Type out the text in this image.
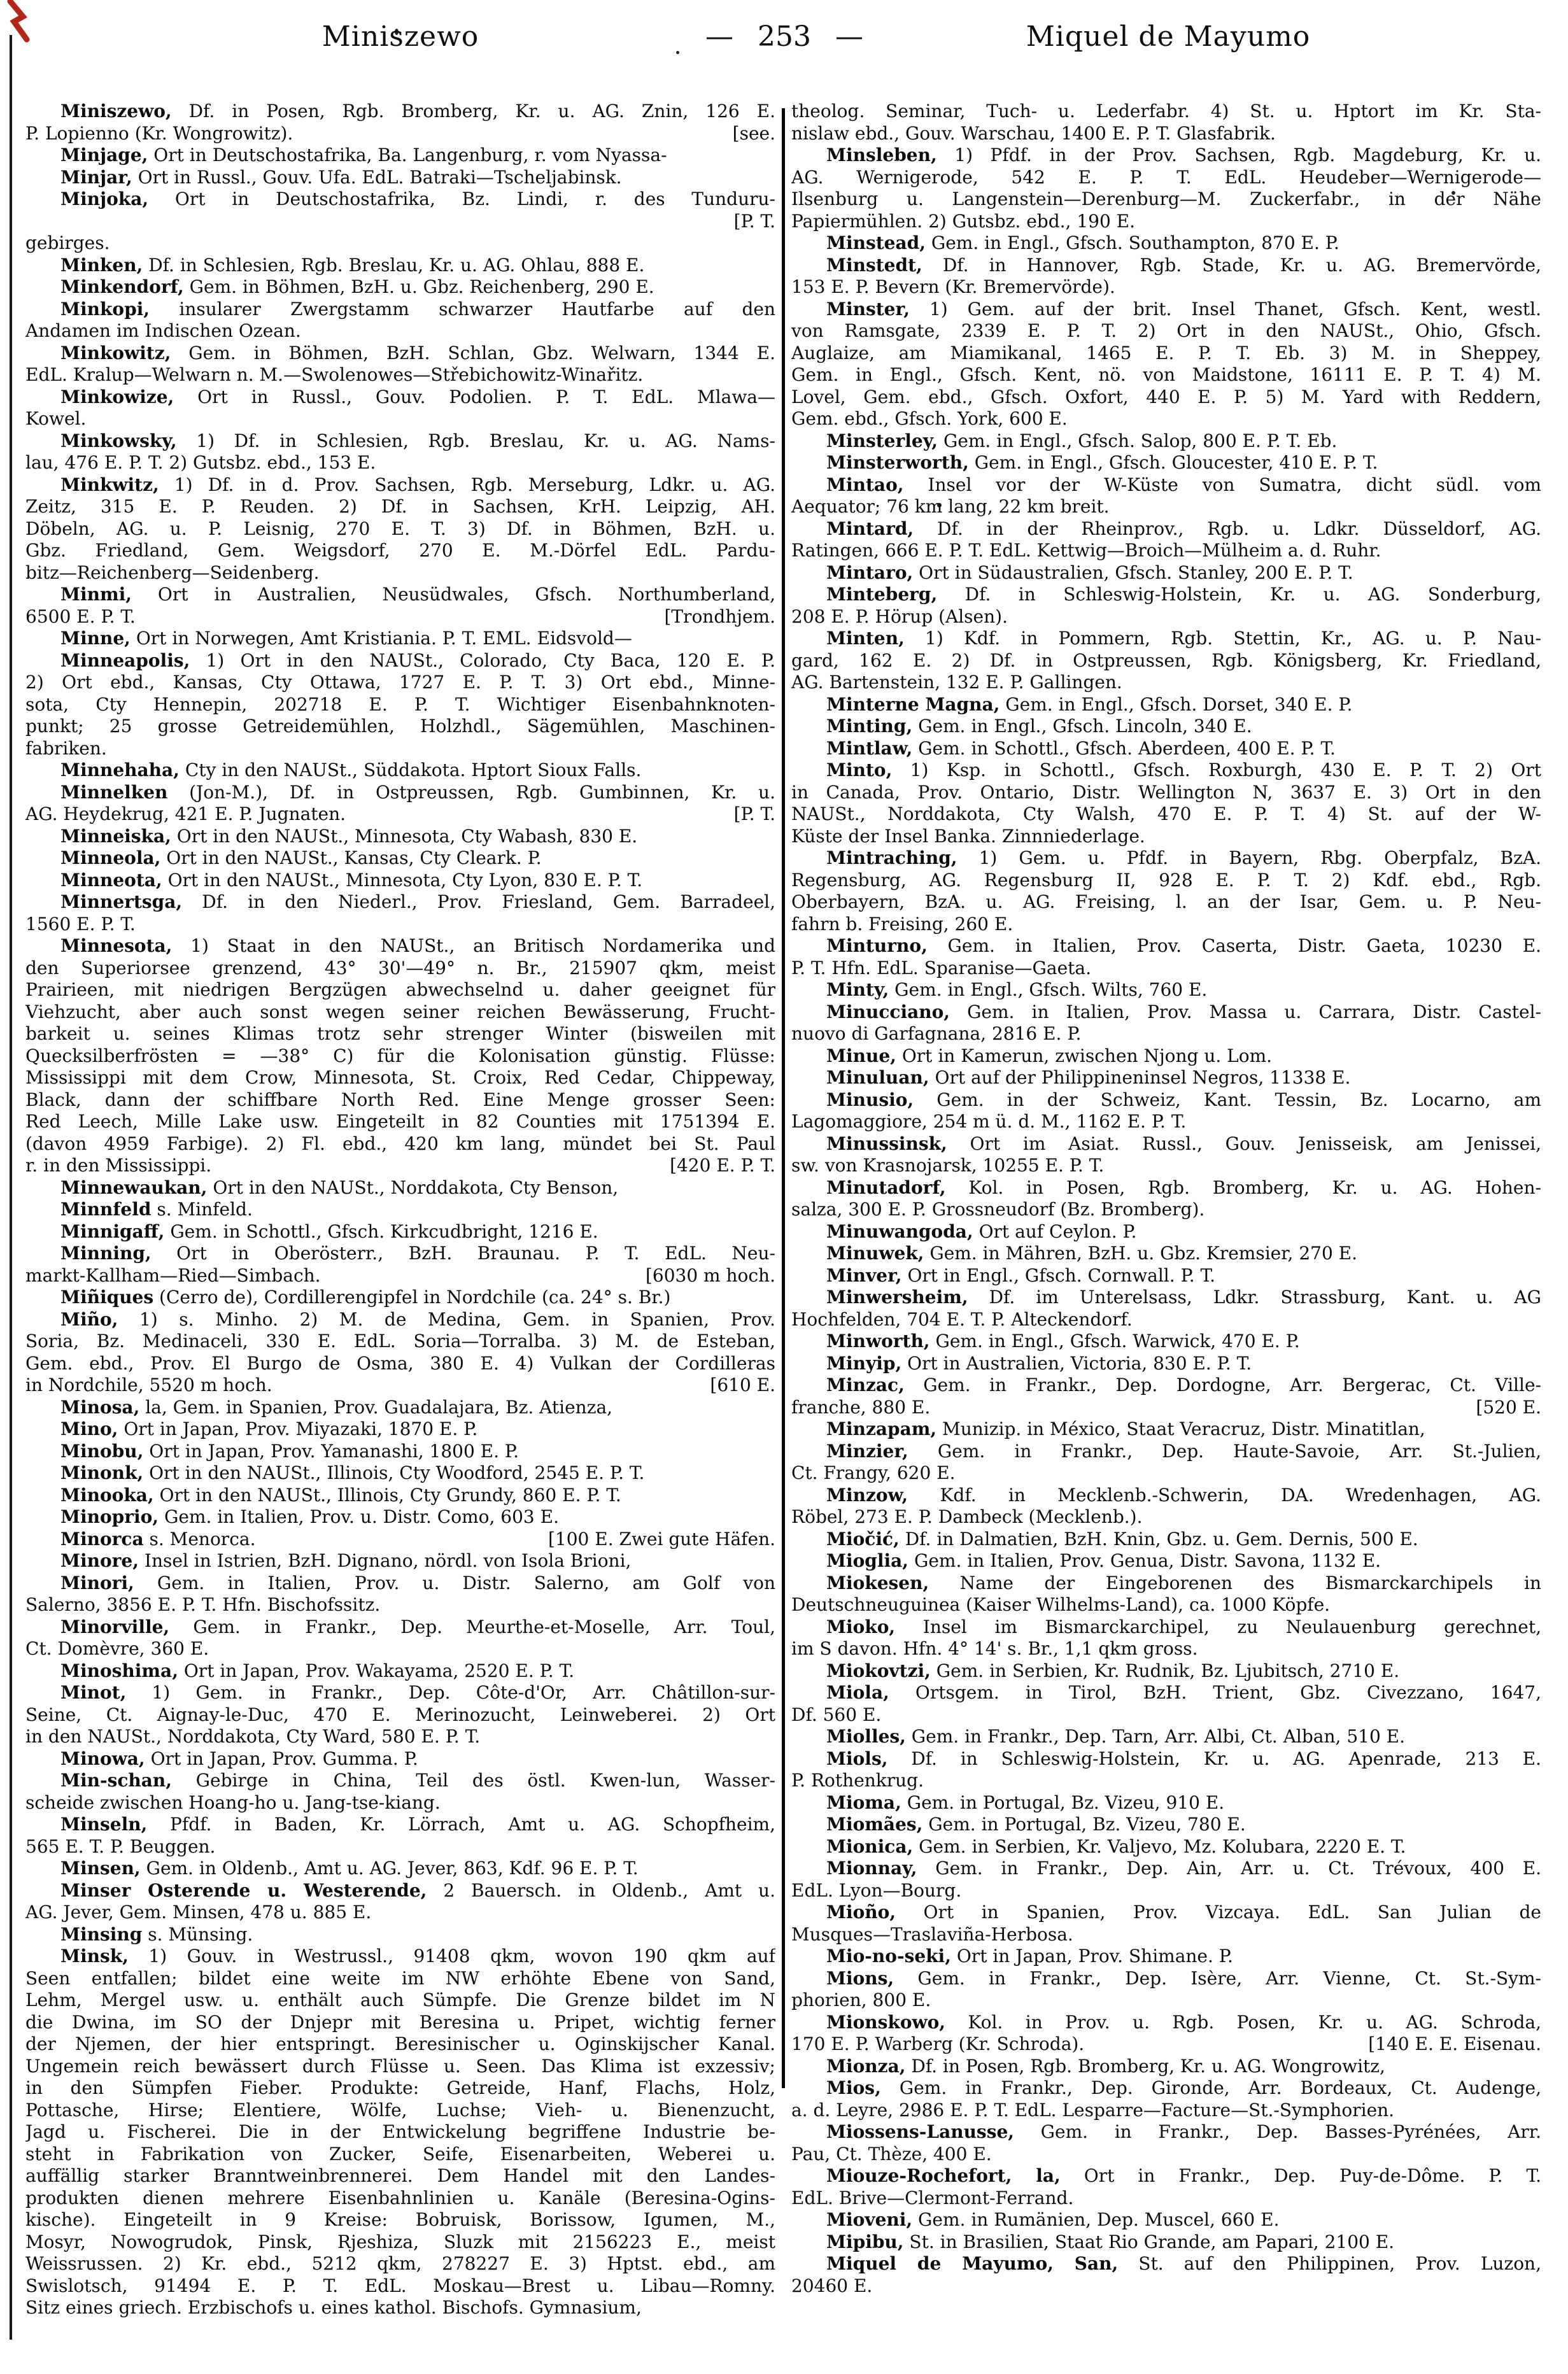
Miniszewo	— 253 —	Miquel de Mayumo
Miniszewo, Df. in Posen, Rgb. Bromberg, Kr. u. AG. Znin, 126 E.
[see.
P. Lopienno (Kr. Wongrowitz).
Minjage, Ort in Deutschostafrika, Ba. Langenburg, r. vom Nyassa-
Minjar, Ort in Russl., Gouv. Ufa. EdL. Batraki—Tscheljabinsk.
Minjoka, Ort in Deutschostafrika, Bz. Lindi, r. des Tunduru-
[P. T.
gebirges.
Minken, Df. in Schlesien, Rgb. Breslau, Kr. u. AG. Ohlau, 888 E.
Minkendorf, Gem. in Böhmen, BzH. u. Gbz. Reichenberg, 290 E.
Minkopi, insularer Zwergstamm schwarzer Hautfarbe auf den
Andamen im Indischen Ozean.
Minkowitz, Gem. in Böhmen, BzH. Schlan, Gbz. Welwarn, 1344 E.
EdL. Kralup—Welwarn n. M.—Swolenowes—Střebichowitz-Winařitz.
Minkowize, Ort in Russl., Gouv. Podolien. P. T. EdL. Mlawa—
Kowel.
Minkowsky, 1) Df. in Schlesien, Rgb. Breslau, Kr. u. AG. Nams-
lau, 476 E. P. T. 2) Gutsbz. ebd., 153 E.
Minkwitz, 1) Df. in d. Prov. Sachsen, Rgb. Merseburg, Ldkr. u. AG.
Zeitz, 315 E. P. Reuden. 2) Df. in Sachsen, KrH. Leipzig, AH.
Döbeln, AG. u. P. Leisnig, 270 E. T. 3) Df. in Böhmen, BzH. u.
Gbz. Friedland, Gem. Weigsdorf, 270 E. M.-Dörfel EdL. Pardu-
bitz—Reichenberg—Seidenberg.
Minmi, Ort in Australien, Neusüdwales, Gfsch. Northumberland,
[Trondhjem.
6500 E. P. T.
Minne, Ort in Norwegen, Amt Kristiania. P. T. EML. Eidsvold—
Minneapolis, 1) Ort in den NAUSt., Colorado, Cty Baca, 120 E. P.
2) Ort ebd., Kansas, Cty Ottawa, 1727 E. P. T. 3) Ort ebd., Minne-
sota, Cty Hennepin, 202718 E. P. T. Wichtiger Eisenbahnknoten-
punkt; 25 grosse Getreidemühlen, Holzhdl., Sägemühlen, Maschinen-
fabriken.
Minnehaha, Cty in den NAUSt., Süddakota. Hptort Sioux Falls.
Minnelken (Jon-M.), Df. in Ostpreussen, Rgb. Gumbinnen, Kr. u.
[P. T.
AG. Heydekrug, 421 E. P. Jugnaten.
Minneiska, Ort in den NAUSt., Minnesota, Cty Wabash, 830 E.
Minneola, Ort in den NAUSt., Kansas, Cty Cleark. P.
Minneota, Ort in den NAUSt., Minnesota, Cty Lyon, 830 E. P. T.
Minnertsga, Df. in den Niederl., Prov. Friesland, Gem. Barradeel,
1560 E. P. T.
Minnesota, 1) Staat in den NAUSt., an Britisch Nordamerika und
den Superiorsee grenzend, 43° 30'—49° n. Br., 215907 qkm, meist
Prairieen, mit niedrigen Bergzügen abwechselnd u. daher geeignet für
Viehzucht, aber auch sonst wegen seiner reichen Bewässerung, Frucht-
barkeit u. seines Klimas trotz sehr strenger Winter (bisweilen mit
Quecksilberfrösten = —38° C) für die Kolonisation günstig. Flüsse:
Mississippi mit dem Crow, Minnesota, St. Croix, Red Cedar, Chippeway,
Black, dann der schiffbare North Red. Eine Menge grosser Seen:
Red Leech, Mille Lake usw. Eingeteilt in 82 Counties mit 1751394 E.
(davon 4959 Farbige). 2) Fl. ebd., 420 km lang, mündet bei St. Paul
[420 E. P. T.
r. in den Mississippi.
Minnewaukan, Ort in den NAUSt., Norddakota, Cty Benson,
Minnfeld s. Minfeld.
Minnigaff, Gem. in Schottl., Gfsch. Kirkcudbright, 1216 E.
Minning, Ort in Oberösterr., BzH. Braunau. P. T. EdL. Neu-
[6030 m hoch.
markt-Kallham—Ried—Simbach.
Miñiques (Cerro de), Cordillerengipfel in Nordchile (ca. 24° s. Br.)
Miño, 1) s. Minho. 2) M. de Medina, Gem. in Spanien, Prov.
Soria, Bz. Medinaceli, 330 E. EdL. Soria—Torralba. 3) M. de Esteban,
Gem. ebd., Prov. El Burgo de Osma, 380 E. 4) Vulkan der Cordilleras
[610 E.
in Nordchile, 5520 m hoch.
Minosa, la, Gem. in Spanien, Prov. Guadalajara, Bz. Atienza,
Mino, Ort in Japan, Prov. Miyazaki, 1870 E. P.
Minobu, Ort in Japan, Prov. Yamanashi, 1800 E. P.
Minonk, Ort in den NAUSt., Illinois, Cty Woodford, 2545 E. P. T.
Minooka, Ort in den NAUSt., Illinois, Cty Grundy, 860 E. P. T.
Minoprio, Gem. in Italien, Prov. u. Distr. Como, 603 E.
[100 E. Zwei gute Häfen.
Minorca s. Menorca.
Minore, Insel in Istrien, BzH. Dignano, nördl. von Isola Brioni,
Minori, Gem. in Italien, Prov. u. Distr. Salerno, am Golf von
Salerno, 3856 E. P. T. Hfn. Bischofssitz.
Minorville, Gem. in Frankr., Dep. Meurthe-et-Moselle, Arr. Toul,
Ct. Domèvre, 360 E.
Minoshima, Ort in Japan, Prov. Wakayama, 2520 E. P. T.
Minot, 1) Gem. in Frankr., Dep. Côte-d'Or, Arr. Châtillon-sur-
Seine, Ct. Aignay-le-Duc, 470 E. Merinozucht, Leinweberei. 2) Ort
in den NAUSt., Norddakota, Cty Ward, 580 E. P. T.
Minowa, Ort in Japan, Prov. Gumma. P.
Min-schan, Gebirge in China, Teil des östl. Kwen-lun, Wasser-
scheide zwischen Hoang-ho u. Jang-tse-kiang.
Minseln, Pfdf. in Baden, Kr. Lörrach, Amt u. AG. Schopfheim,
565 E. T. P. Beuggen.
Minsen, Gem. in Oldenb., Amt u. AG. Jever, 863, Kdf. 96 E. P. T.
Minser Osterende u. Westerende, 2 Bauersch. in Oldenb., Amt u.
AG. Jever, Gem. Minsen, 478 u. 885 E.
Minsing s. Münsing.
Minsk, 1) Gouv. in Westrussl., 91408 qkm, wovon 190 qkm auf
Seen entfallen; bildet eine weite im NW erhöhte Ebene von Sand,
Lehm, Mergel usw. u. enthält auch Sümpfe. Die Grenze bildet im N
die Dwina, im SO der Dnjepr mit Beresina u. Pripet, wichtig ferner
der Njemen, der hier entspringt. Beresinischer u. Oginskijscher Kanal.
Ungemein reich bewässert durch Flüsse u. Seen. Das Klima ist exzessiv;
in den Sümpfen Fieber. Produkte: Getreide, Hanf, Flachs, Holz,
Pottasche, Hirse; Elentiere, Wölfe, Luchse; Vieh- u. Bienenzucht,
Jagd u. Fischerei. Die in der Entwickelung begriffene Industrie be-
steht in Fabrikation von Zucker, Seife, Eisenarbeiten, Weberei u.
auffällig starker Branntweinbrennerei. Dem Handel mit den Landes-
produkten dienen mehrere Eisenbahnlinien u. Kanäle (Beresina-Ogins-
kische). Eingeteilt in 9 Kreise: Bobruisk, Borissow, Igumen, M.,
Mosyr, Nowogrudok, Pinsk, Rjeshiza, Sluzk mit 2156223 E., meist
Weissrussen. 2) Kr. ebd., 5212 qkm, 278227 E. 3) Hptst. ebd., am
Swislotsch, 91494 E. P. T. EdL. Moskau—Brest u. Libau—Romny.
Sitz eines griech. Erzbischofs u. eines kathol. Bischofs. Gymnasium,
theolog. Seminar, Tuch- u. Lederfabr. 4) St. u. Hptort im Kr. Sta-
nislaw ebd., Gouv. Warschau, 1400 E. P. T. Glasfabrik.
Minsleben, 1) Pfdf. in der Prov. Sachsen, Rgb. Magdeburg, Kr. u.
AG. Wernigerode, 542 E. P. T. EdL. Heudeber—Wernigerode—
Ilsenburg u. Langenstein—Derenburg—M. Zuckerfabr., in der Nähe
Papiermühlen. 2) Gutsbz. ebd., 190 E.
Minstead, Gem. in Engl., Gfsch. Southampton, 870 E. P.
Minstedt, Df. in Hannover, Rgb. Stade, Kr. u. AG. Bremervörde,
153 E. P. Bevern (Kr. Bremervörde).
Minster, 1) Gem. auf der brit. Insel Thanet, Gfsch. Kent, westl.
von Ramsgate, 2339 E. P. T. 2) Ort in den NAUSt., Ohio, Gfsch.
Auglaize, am Miamikanal, 1465 E. P. T. Eb. 3) M. in Sheppey,
Gem. in Engl., Gfsch. Kent, nö. von Maidstone, 16111 E. P. T. 4) M.
Lovel, Gem. ebd., Gfsch. Oxfort, 440 E. P. 5) M. Yard with Reddern,
Gem. ebd., Gfsch. York, 600 E.
Minsterley, Gem. in Engl., Gfsch. Salop, 800 E. P. T. Eb.
Minsterworth, Gem. in Engl., Gfsch. Gloucester, 410 E. P. T.
Mintao, Insel vor der W-Küste von Sumatra, dicht südl. vom
Aequator; 76 km lang, 22 km breit.
Mintard, Df. in der Rheinprov., Rgb. u. Ldkr. Düsseldorf, AG.
Ratingen, 666 E. P. T. EdL. Kettwig—Broich—Mülheim a. d. Ruhr.
Mintaro, Ort in Südaustralien, Gfsch. Stanley, 200 E. P. T.
Minteberg, Df. in Schleswig-Holstein, Kr. u. AG. Sonderburg,
208 E. P. Hörup (Alsen).
Minten, 1) Kdf. in Pommern, Rgb. Stettin, Kr., AG. u. P. Nau-
gard, 162 E. 2) Df. in Ostpreussen, Rgb. Königsberg, Kr. Friedland,
AG. Bartenstein, 132 E. P. Gallingen.
Minterne Magna, Gem. in Engl., Gfsch. Dorset, 340 E. P.
Minting, Gem. in Engl., Gfsch. Lincoln, 340 E.
Mintlaw, Gem. in Schottl., Gfsch. Aberdeen, 400 E. P. T.
Minto, 1) Ksp. in Schottl., Gfsch. Roxburgh, 430 E. P. T. 2) Ort
in Canada, Prov. Ontario, Distr. Wellington N, 3637 E. 3) Ort in den
NAUSt., Norddakota, Cty Walsh, 470 E. P. T. 4) St. auf der W-
Küste der Insel Banka. Zinnniederlage.
Mintraching, 1) Gem. u. Pfdf. in Bayern, Rbg. Oberpfalz, BzA.
Regensburg, AG. Regensburg II, 928 E. P. T. 2) Kdf. ebd., Rgb.
Oberbayern, BzA. u. AG. Freising, l. an der Isar, Gem. u. P. Neu-
fahrn b. Freising, 260 E.
Minturno, Gem. in Italien, Prov. Caserta, Distr. Gaeta, 10230 E.
P. T. Hfn. EdL. Sparanise—Gaeta.
Minty, Gem. in Engl., Gfsch. Wilts, 760 E.
Minucciano, Gem. in Italien, Prov. Massa u. Carrara, Distr. Castel-
nuovo di Garfagnana, 2816 E. P.
Minue, Ort in Kamerun, zwischen Njong u. Lom.
Minuluan, Ort auf der Philippineninsel Negros, 11338 E.
Minusio, Gem. in der Schweiz, Kant. Tessin, Bz. Locarno, am
Lagomaggiore, 254 m ü. d. M., 1162 E. P. T.
Minussinsk, Ort im Asiat. Russl., Gouv. Jenisseisk, am Jenissei,
sw. von Krasnojarsk, 10255 E. P. T.
Minutadorf, Kol. in Posen, Rgb. Bromberg, Kr. u. AG. Hohen-
salza, 300 E. P. Grossneudorf (Bz. Bromberg).
Minuwangoda, Ort auf Ceylon. P.
Minuwek, Gem. in Mähren, BzH. u. Gbz. Kremsier, 270 E.
Minver, Ort in Engl., Gfsch. Cornwall. P. T.
Minwersheim, Df. im Unterelsass, Ldkr. Strassburg, Kant. u. AG
Hochfelden, 704 E. T. P. Alteckendorf.
Minworth, Gem. in Engl., Gfsch. Warwick, 470 E. P.
Minyip, Ort in Australien, Victoria, 830 E. P. T.
Minzac, Gem. in Frankr., Dep. Dordogne, Arr. Bergerac, Ct. Ville-
[520 E.
franche, 880 E.
Minzapam, Munizip. in México, Staat Veracruz, Distr. Minatitlan,
Minzier, Gem. in Frankr., Dep. Haute-Savoie, Arr. St.-Julien,
Ct. Frangy, 620 E.
Minzow, Kdf. in Mecklenb.-Schwerin, DA. Wredenhagen, AG.
Röbel, 273 E. P. Dambeck (Mecklenb.).
Miočić, Df. in Dalmatien, BzH. Knin, Gbz. u. Gem. Dernis, 500 E.
Mioglia, Gem. in Italien, Prov. Genua, Distr. Savona, 1132 E.
Miokesen, Name der Eingeborenen des Bismarckarchipels in
Deutschneuguinea (Kaiser Wilhelms-Land), ca. 1000 Köpfe.
Mioko, Insel im Bismarckarchipel, zu Neulauenburg gerechnet,
im S davon. Hfn. 4° 14' s. Br., 1,1 qkm gross.
Miokovtzi, Gem. in Serbien, Kr. Rudnik, Bz. Ljubitsch, 2710 E.
Miola, Ortsgem. in Tirol, BzH. Trient, Gbz. Civezzano, 1647,
Df. 560 E.
Miolles, Gem. in Frankr., Dep. Tarn, Arr. Albi, Ct. Alban, 510 E.
Miols, Df. in Schleswig-Holstein, Kr. u. AG. Apenrade, 213 E.
P. Rothenkrug.
Mioma, Gem. in Portugal, Bz. Vizeu, 910 E.
Miomães, Gem. in Portugal, Bz. Vizeu, 780 E.
Mionica, Gem. in Serbien, Kr. Valjevo, Mz. Kolubara, 2220 E. T.
Mionnay, Gem. in Frankr., Dep. Ain, Arr. u. Ct. Trévoux, 400 E.
EdL. Lyon—Bourg.
Mioño, Ort in Spanien, Prov. Vizcaya. EdL. San Julian de
Musques—Traslaviña-Herbosa.
Mio-no-seki, Ort in Japan, Prov. Shimane. P.
Mions, Gem. in Frankr., Dep. Isère, Arr. Vienne, Ct. St.-Sym-
phorien, 800 E.
Mionskowo, Kol. in Prov. u. Rgb. Posen, Kr. u. AG. Schroda,
[140 E. E. Eisenau.
170 E. P. Warberg (Kr. Schroda).
Mionza, Df. in Posen, Rgb. Bromberg, Kr. u. AG. Wongrowitz,
Mios, Gem. in Frankr., Dep. Gironde, Arr. Bordeaux, Ct. Audenge,
a. d. Leyre, 2986 E. P. T. EdL. Lesparre—Facture—St.-Symphorien.
Miossens-Lanusse, Gem. in Frankr., Dep. Basses-Pyrénées, Arr.
Pau, Ct. Thèze, 400 E.
Miouze-Rochefort, la, Ort in Frankr., Dep. Puy-de-Dôme. P. T.
EdL. Brive—Clermont-Ferrand.
Mioveni, Gem. in Rumänien, Dep. Muscel, 660 E.
Mipibu, St. in Brasilien, Staat Rio Grande, am Papari, 2100 E.
Miquel de Mayumo, San, St. auf den Philippinen, Prov. Luzon,
20460 E.
